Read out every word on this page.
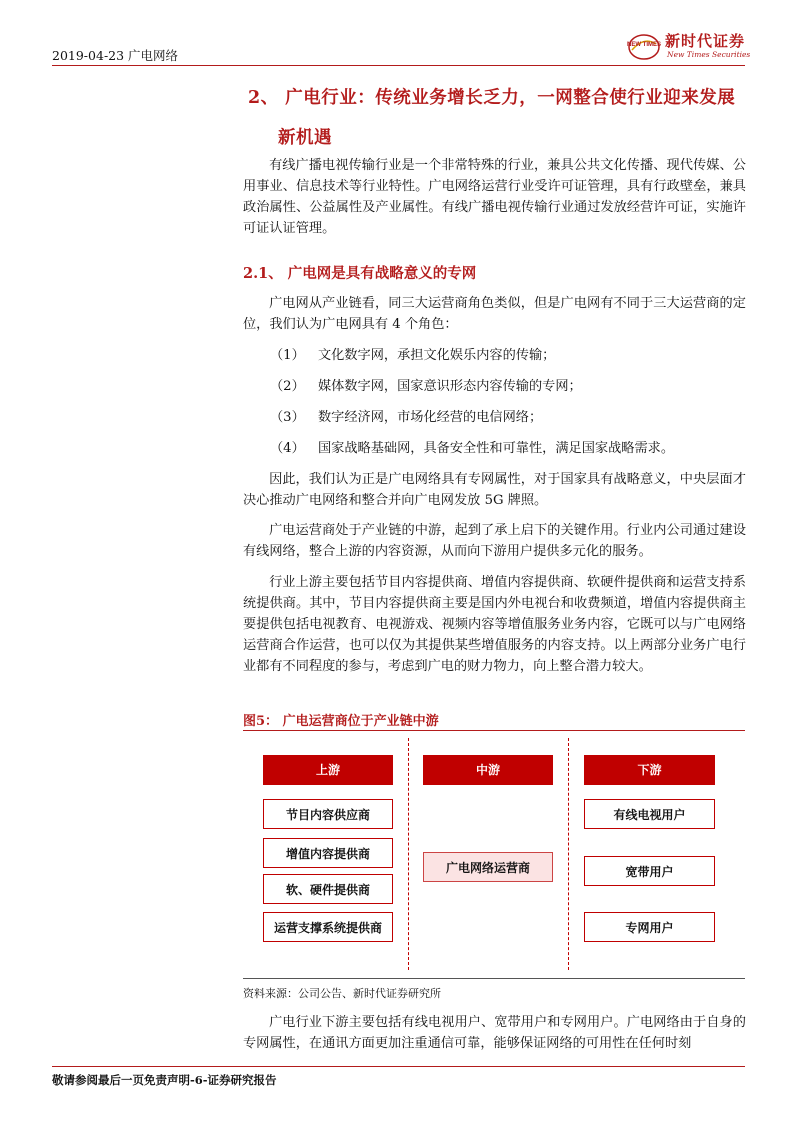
2019-04-23 广电网络
NEW TIMES 新时代证券
New Times Securities
2、 广电行业：传统业务增长乏力，一网整合使行业迎来发展
新机遇

有线广播电视传输行业是一个非常特殊的行业，兼具公共文化传播、现代传媒、公用事业、信息技术等行业特性。广电网络运营行业受许可证管理，具有行政壁垒，兼具政治属性、公益属性及产业属性。有线广播电视传输行业通过发放经营许可证，实施许可证认证管理。

2.1、 广电网是具有战略意义的专网

广电网从产业链看，同三大运营商角色类似，但是广电网有不同于三大运营商的定位，我们认为广电网具有 4 个角色：

（1） 文化数字网，承担文化娱乐内容的传输；
（2） 媒体数字网，国家意识形态内容传输的专网；
（3） 数字经济网，市场化经营的电信网络；
（4） 国家战略基础网，具备安全性和可靠性，满足国家战略需求。

因此，我们认为正是广电网络具有专网属性，对于国家具有战略意义，中央层面才决心推动广电网络和整合并向广电网发放 5G 牌照。

广电运营商处于产业链的中游，起到了承上启下的关键作用。行业内公司通过建设有线网络，整合上游的内容资源，从而向下游用户提供多元化的服务。

行业上游主要包括节目内容提供商、增值内容提供商、软硬件提供商和运营支持系统提供商。其中，节目内容提供商主要是国内外电视台和收费频道，增值内容提供商主要提供包括电视教育、电视游戏、视频内容等增值服务业务内容，它既可以与广电网络运营商合作运营，也可以仅为其提供某些增值服务的内容支持。以上两部分业务广电行业都有不同程度的参与，考虑到广电的财力物力，向上整合潜力较大。

图5： 广电运营商位于产业链中游
上游	中游	下游
节目内容供应商
增值内容提供商
软、硬件提供商
运营支撑系统提供商
广电网络运营商
有线电视用户
宽带用户
专网用户
资料来源：公司公告、新时代证券研究所

广电行业下游主要包括有线电视用户、宽带用户和专网用户。广电网络由于自身的专网属性，在通讯方面更加注重通信可靠，能够保证网络的可用性在任何时刻

敬请参阅最后一页免责声明-6-证券研究报告
